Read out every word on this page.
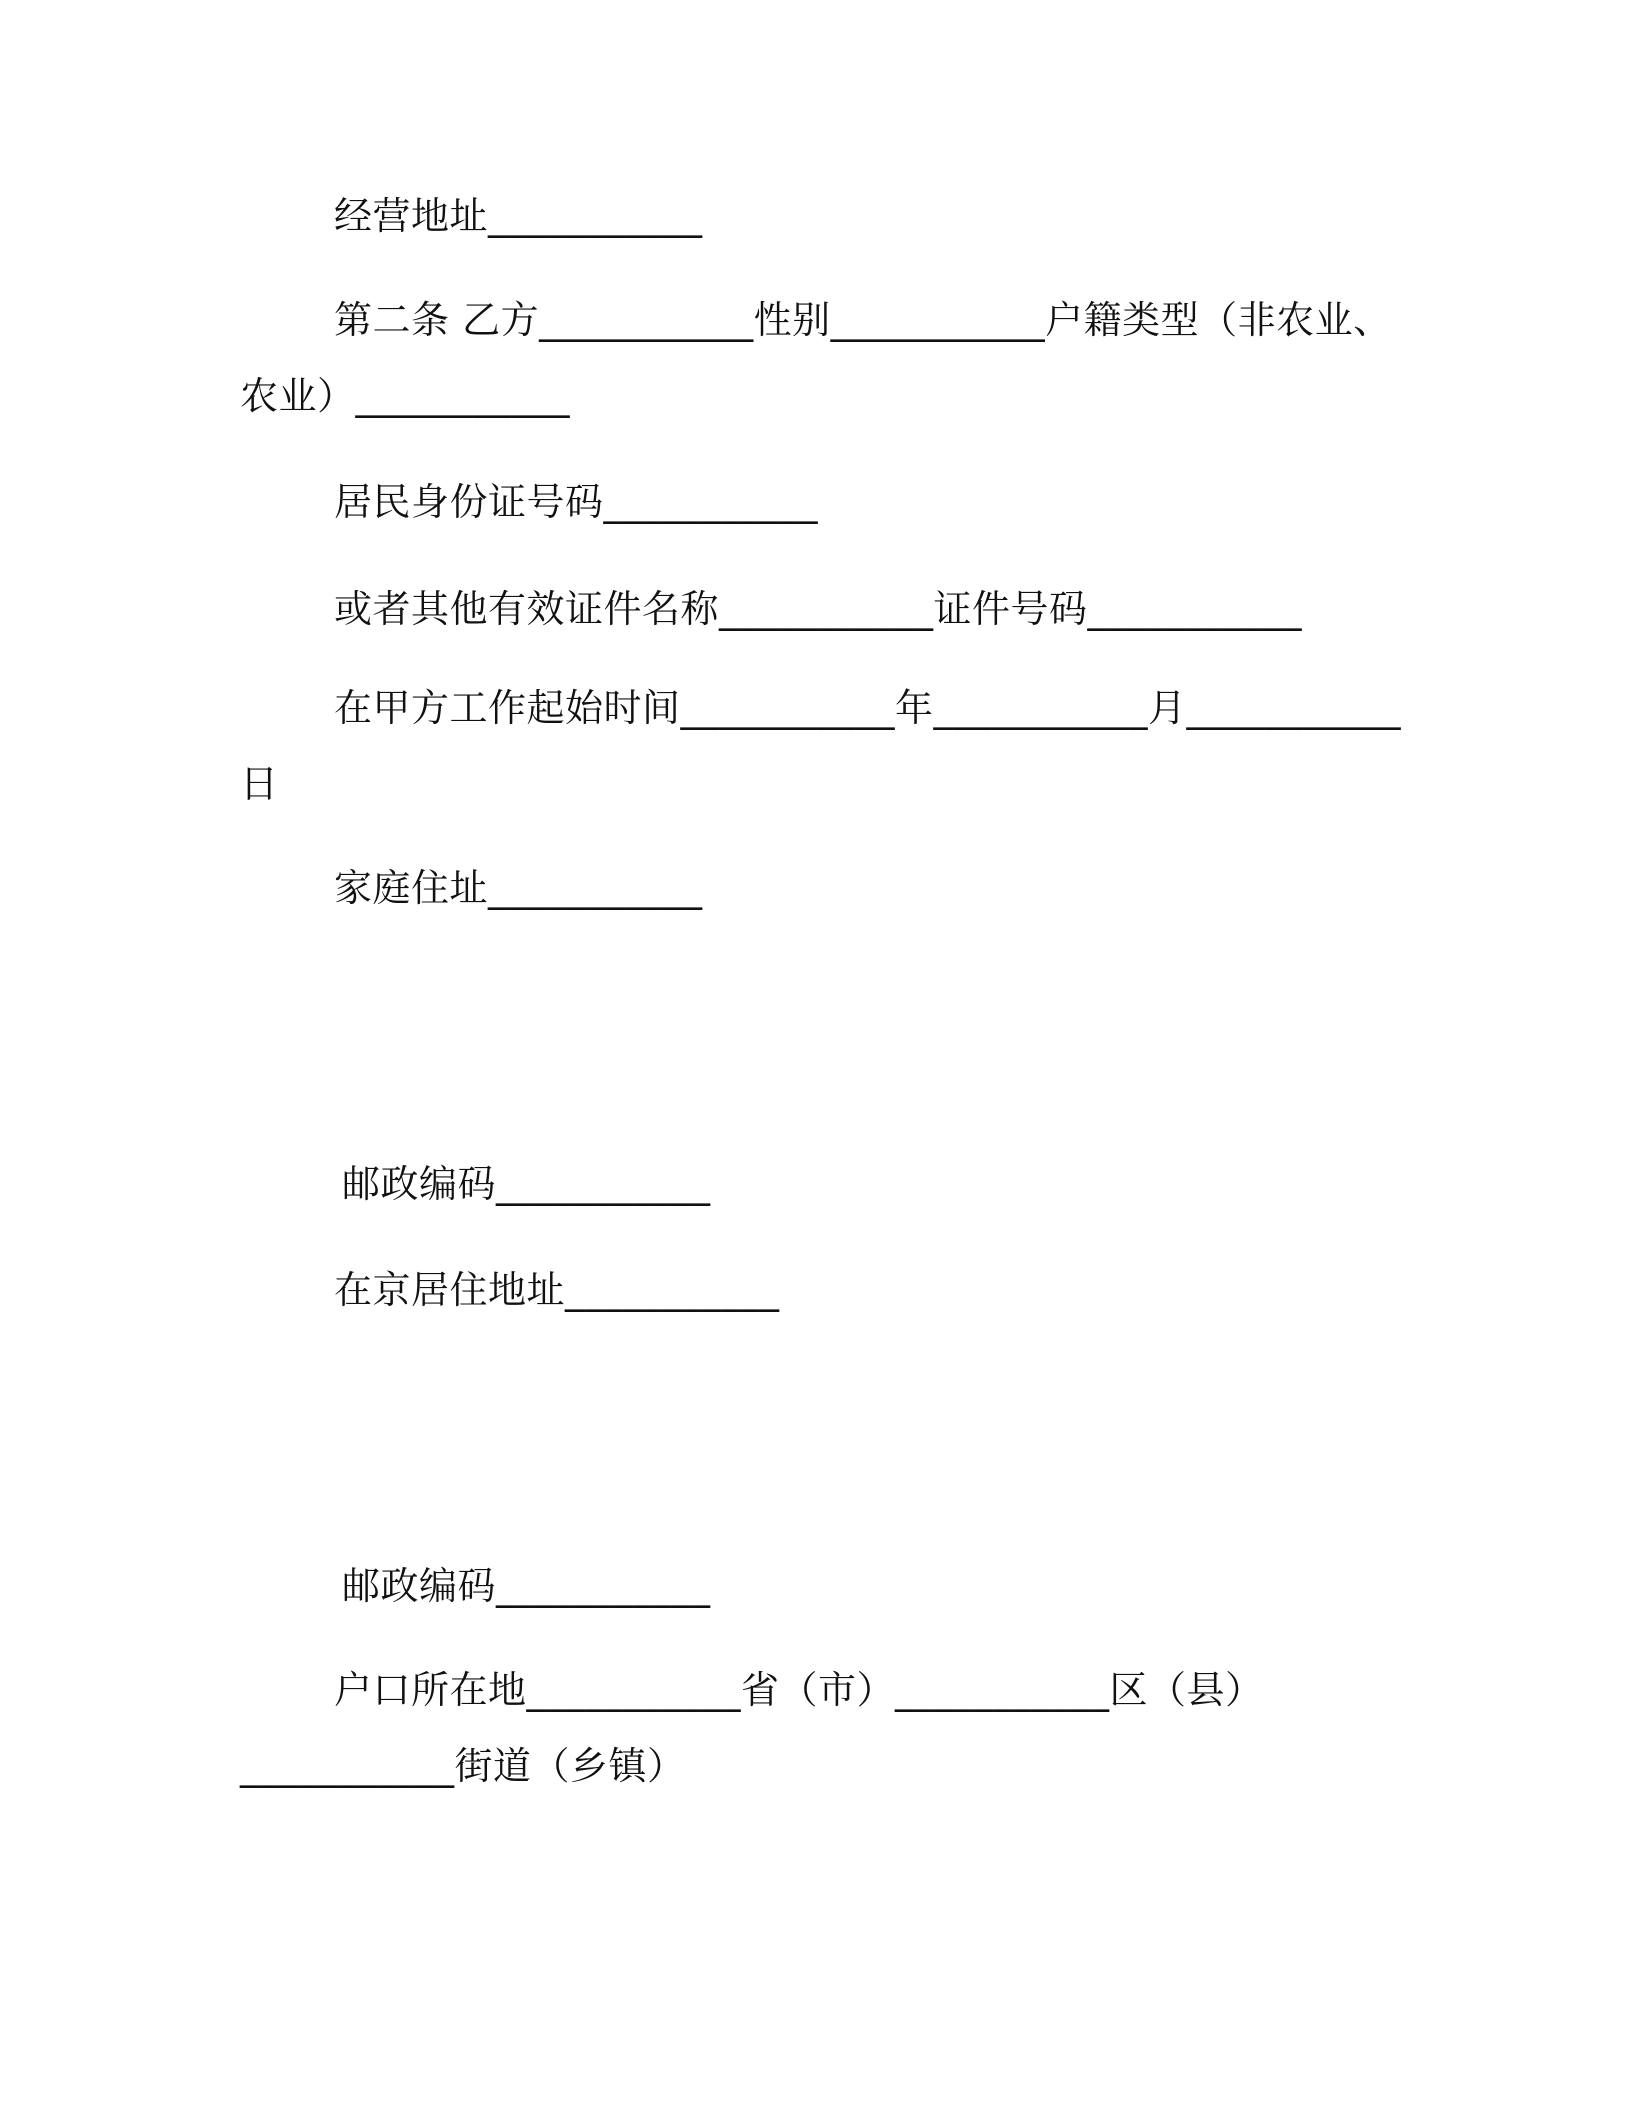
经营地址___________
第二条 乙方___________性别___________户籍类型（非农业、
农业）___________
居民身份证号码___________
或者其他有效证件名称___________证件号码___________
在甲方工作起始时间___________年___________月___________
日
家庭住址___________
邮政编码___________
在京居住地址___________
邮政编码___________
户口所在地___________省（市）___________区（县）
___________街道（乡镇）
